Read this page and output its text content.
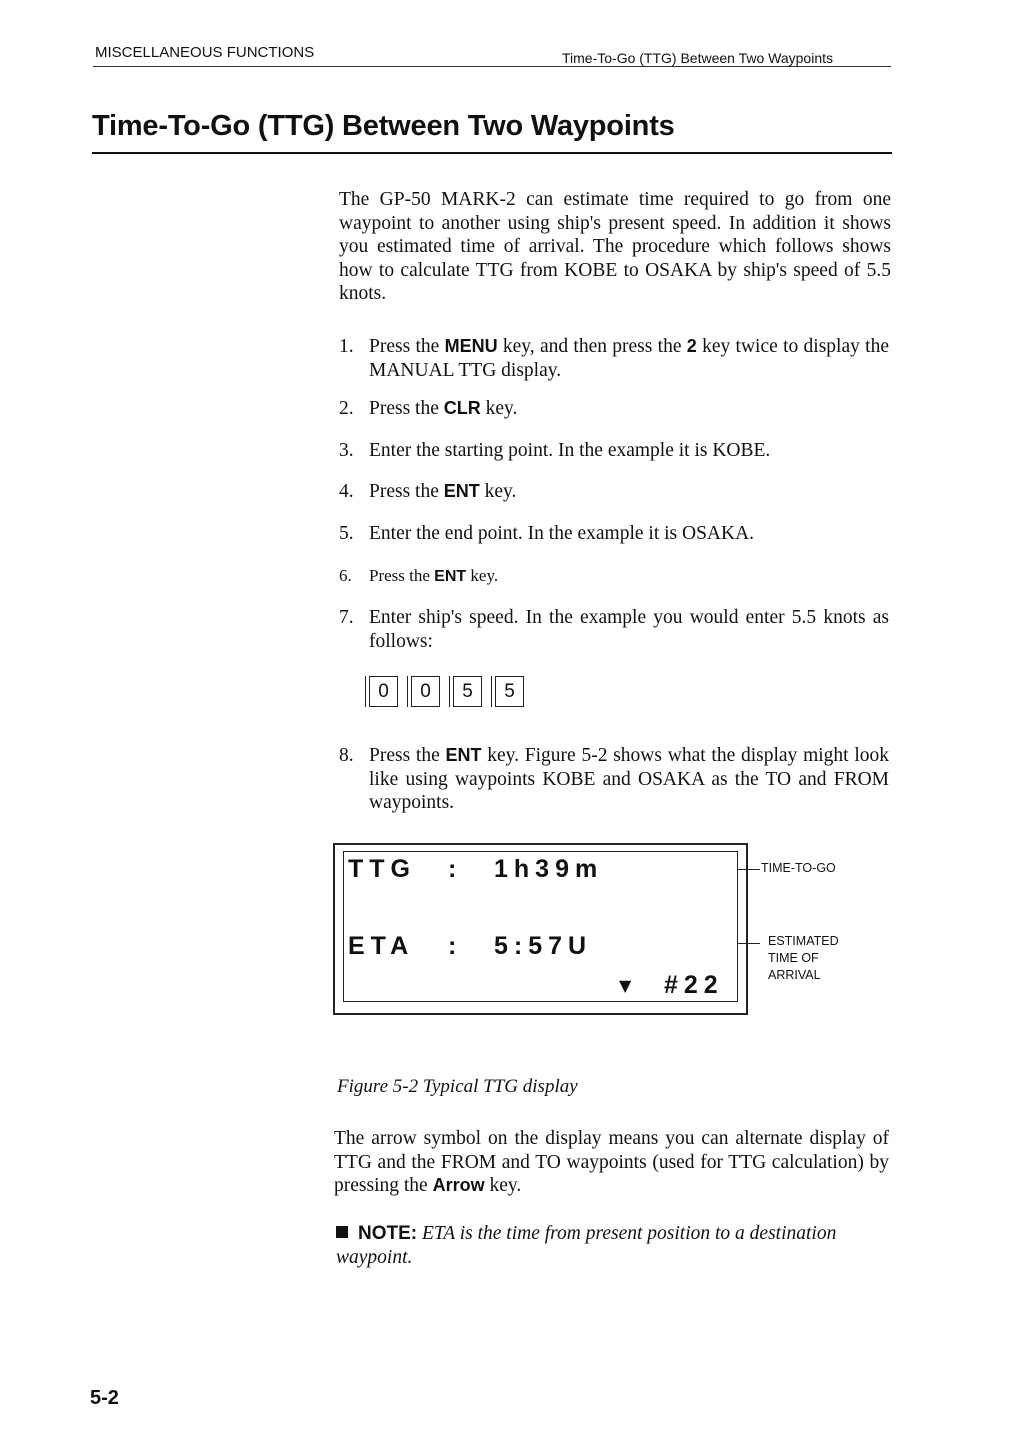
MISCELLANEOUS FUNCTIONS	Time-To-Go (TTG) Between Two Waypoints
Time-To-Go (TTG) Between Two Waypoints
The GP-50 MARK-2 can estimate time required to go from one waypoint to another using ship's present speed. In addition it shows you estimated time of arrival. The procedure which follows shows how to calculate TTG from KOBE to OSAKA by ship's speed of 5.5 knots.
1. Press the MENU key, and then press the 2 key twice to display the MANUAL TTG display.
2. Press the CLR key.
3. Enter the starting point. In the example it is KOBE.
4. Press the ENT key.
5. Enter the end point. In the example it is OSAKA.
6.	Press the ENT key.
7. Enter ship's speed. In the example you would enter 5.5 knots as follows:
0	0	5	5
8. Press the ENT key. Figure 5-2 shows what the display might look like using waypoints KOBE and OSAKA as the TO and FROM waypoints.
TTG : 1h39m
ETA : 5:57U
▼ #22
TIME-TO-GO
ESTIMATED
TIME OF
ARRIVAL
Figure 5-2 Typical TTG display
The arrow symbol on the display means you can alternate display of TTG and the FROM and TO waypoints (used for TTG calculation) by pressing the Arrow key.
NOTE: ETA is the time from present position to a destination waypoint.
5-2
